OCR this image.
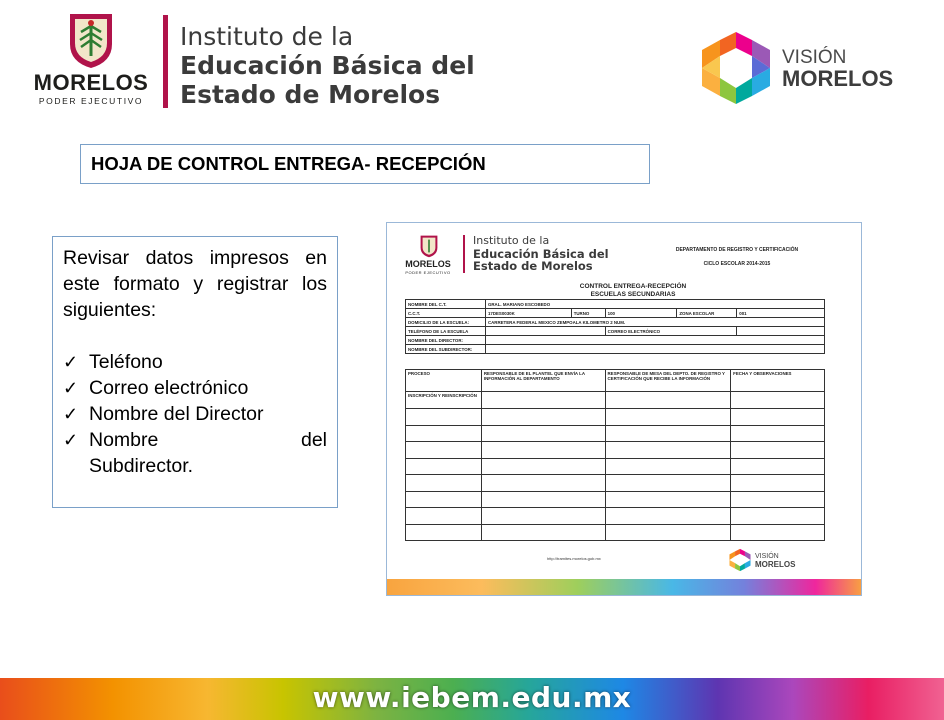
MORELOS
PODER EJECUTIVO
Instituto de la
Educación Básica del
Estado de Morelos
VISIÓN
MORELOS
HOJA DE CONTROL ENTREGA- RECEPCIÓN

Revisar datos impresos en este formato y registrar los siguientes:

✓ Teléfono
✓ Correo electrónico
✓ Nombre del Director
✓ Nombre	del
Subdirector.
MORELOS
PODER EJECUTIVO
Instituto de la
Educación Básica del
Estado de Morelos
DEPARTAMENTO DE REGISTRO Y CERTIFICACIÓN
CICLO ESCOLAR 2014-2015
CONTROL ENTREGA-RECEPCIÓN
ESCUELAS SECUNDARIAS
NOMBRE DEL C.T.	GRAL. MARIANO ESCOBEDO				
C.C.T.	17DES0030K	TURNO	100	ZONA ESCOLAR	001
DOMICILIO DE LA ESCUELA:	CARRETERA FEDERAL MEXICO ZEMPOALA KILOMETRO 2 NUM.				
TELÉFONO DE LA ESCUELA			CORREO ELECTRÓNICO		
NOMBRE DEL DIRECTOR:					
NOMBRE DEL SUBDIRECTOR:					
PROCESO	RESPONSABLE DE EL PLANTEL QUE ENVÍA LA INFORMACIÓN AL DEPARTAMENTO	RESPONSABLE DE MESA DEL DEPTO. DE REGISTRO Y CERTIFICACIÓN QUE RECIBE LA INFORMACIÓN	FECHA Y OBSERVACIONES
INSCRIPCIÓN Y REINSCRIPCIÓN			

http://tramites.morelos.gob.mx	VISIÓN
MORELOS
www.iebem.edu.mx
